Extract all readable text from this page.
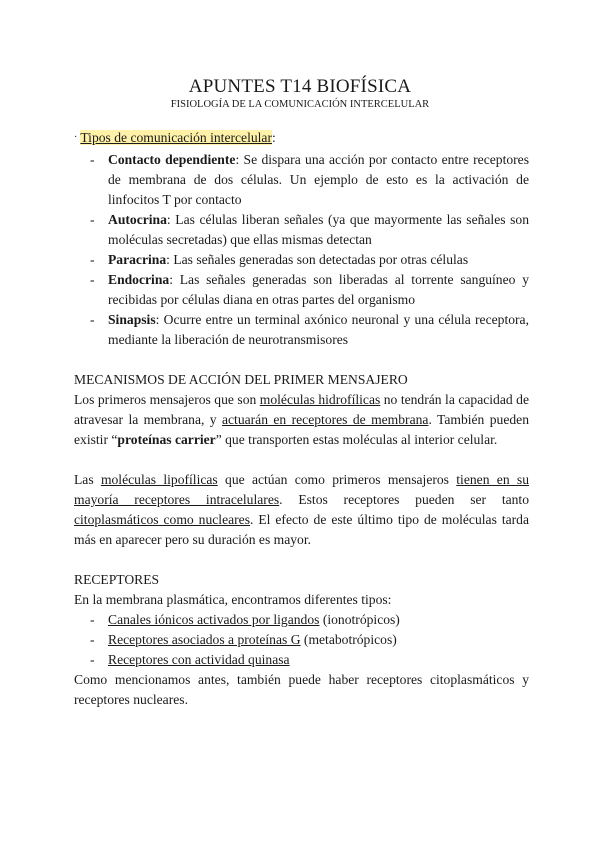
APUNTES T14 BIOFÍSICA
FISIOLOGÍA DE LA COMUNICACIÓN INTERCELULAR
· Tipos de comunicación intercelular:
- Contacto dependiente: Se dispara una acción por contacto entre receptores de membrana de dos células. Un ejemplo de esto es la activación de linfocitos T por contacto
- Autocrina: Las células liberan señales (ya que mayormente las señales son moléculas secretadas) que ellas mismas detectan
- Paracrina: Las señales generadas son detectadas por otras células
- Endocrina: Las señales generadas son liberadas al torrente sanguíneo y recibidas por células diana en otras partes del organismo
- Sinapsis: Ocurre entre un terminal axónico neuronal y una célula receptora, mediante la liberación de neurotransmisores
MECANISMOS DE ACCIÓN DEL PRIMER MENSAJERO
Los primeros mensajeros que son moléculas hidrofílicas no tendrán la capacidad de atravesar la membrana, y actuarán en receptores de membrana. También pueden existir “proteínas carrier” que transporten estas moléculas al interior celular.
Las moléculas lipofílicas que actúan como primeros mensajeros tienen en su mayoría receptores intracelulares. Estos receptores pueden ser tanto citoplasmáticos como nucleares. El efecto de este último tipo de moléculas tarda más en aparecer pero su duración es mayor.
RECEPTORES
En la membrana plasmática, encontramos diferentes tipos:
- Canales iónicos activados por ligandos (ionotrópicos)
- Receptores asociados a proteínas G (metabotrópicos)
- Receptores con actividad quinasa
Como mencionamos antes, también puede haber receptores citoplasmáticos y receptores nucleares.
